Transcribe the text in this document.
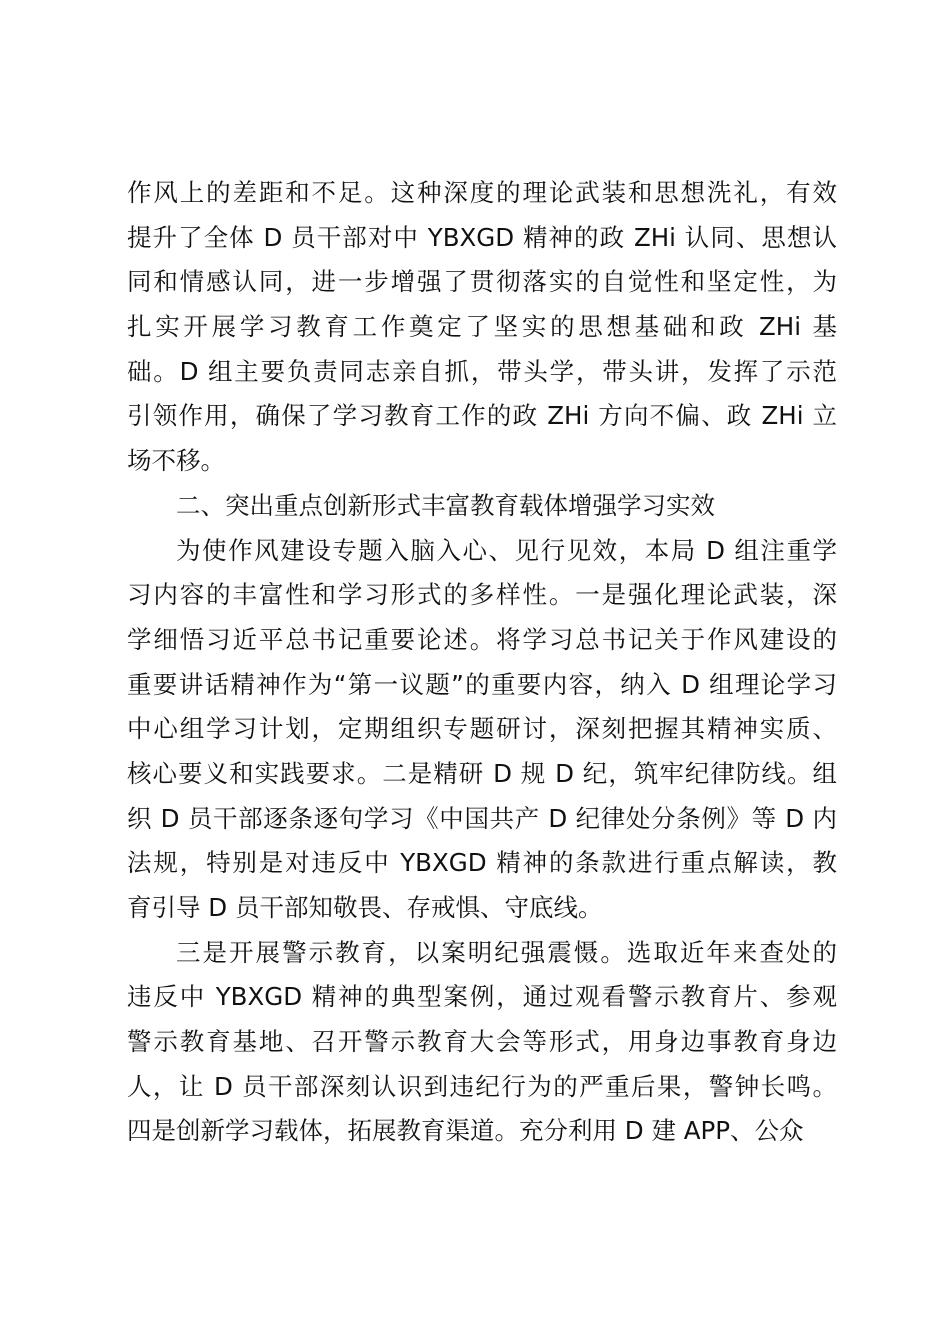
作风上的差距和不足。这种深度的理论武装和思想洗礼，有效
提升了全体 D 员干部对中 YBXGD 精神的政 ZHi 认同、思想认
同和情感认同，进一步增强了贯彻落实的自觉性和坚定性，为
扎实开展学习教育工作奠定了坚实的思想基础和政 ZHi 基
础。D 组主要负责同志亲自抓，带头学，带头讲，发挥了示范
引领作用，确保了学习教育工作的政 ZHi 方向不偏、政 ZHi 立
场不移。
二、突出重点创新形式丰富教育载体增强学习实效
为使作风建设专题入脑入心、见行见效，本局 D 组注重学
习内容的丰富性和学习形式的多样性。一是强化理论武装，深
学细悟习近平总书记重要论述。将学习总书记关于作风建设的
重要讲话精神作为“第一议题”的重要内容，纳入 D 组理论学习
中心组学习计划，定期组织专题研讨，深刻把握其精神实质、
核心要义和实践要求。二是精研 D 规 D 纪，筑牢纪律防线。组
织 D 员干部逐条逐句学习《中国共产 D 纪律处分条例》等 D 内
法规，特别是对违反中 YBXGD 精神的条款进行重点解读，教
育引导 D 员干部知敬畏、存戒惧、守底线。
三是开展警示教育，以案明纪强震慑。选取近年来查处的
违反中 YBXGD 精神的典型案例，通过观看警示教育片、参观
警示教育基地、召开警示教育大会等形式，用身边事教育身边
人，让 D 员干部深刻认识到违纪行为的严重后果，警钟长鸣。
四是创新学习载体，拓展教育渠道。充分利用 D 建 APP、公众
